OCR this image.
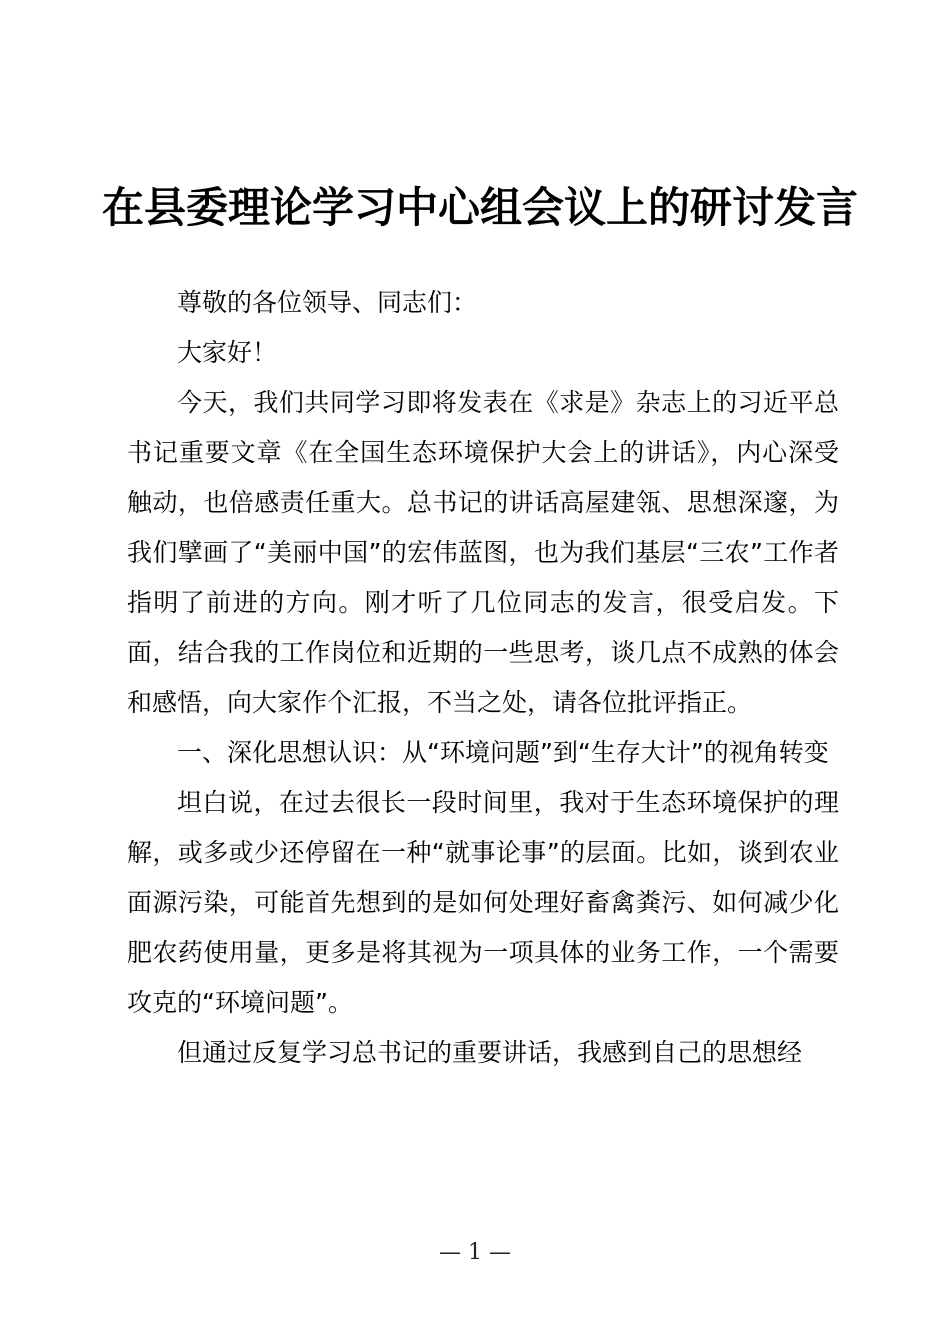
在县委理论学习中心组会议上的研讨发言

尊敬的各位领导、同志们：

大家好！

今天，我们共同学习即将发表在《求是》杂志上的习近平总书记重要文章《在全国生态环境保护大会上的讲话》，内心深受触动，也倍感责任重大。总书记的讲话高屋建瓴、思想深邃，为我们擘画了“美丽中国”的宏伟蓝图，也为我们基层“三农”工作者指明了前进的方向。刚才听了几位同志的发言，很受启发。下面，结合我的工作岗位和近期的一些思考，谈几点不成熟的体会和感悟，向大家作个汇报，不当之处，请各位批评指正。

一、深化思想认识：从“环境问题”到“生存大计”的视角转变

坦白说，在过去很长一段时间里，我对于生态环境保护的理解，或多或少还停留在一种“就事论事”的层面。比如，谈到农业面源污染，可能首先想到的是如何处理好畜禽粪污、如何减少化肥农药使用量，更多是将其视为一项具体的业务工作，一个需要攻克的“环境问题”。

但通过反复学习总书记的重要讲话，我感到自己的思想经

— 1 —
